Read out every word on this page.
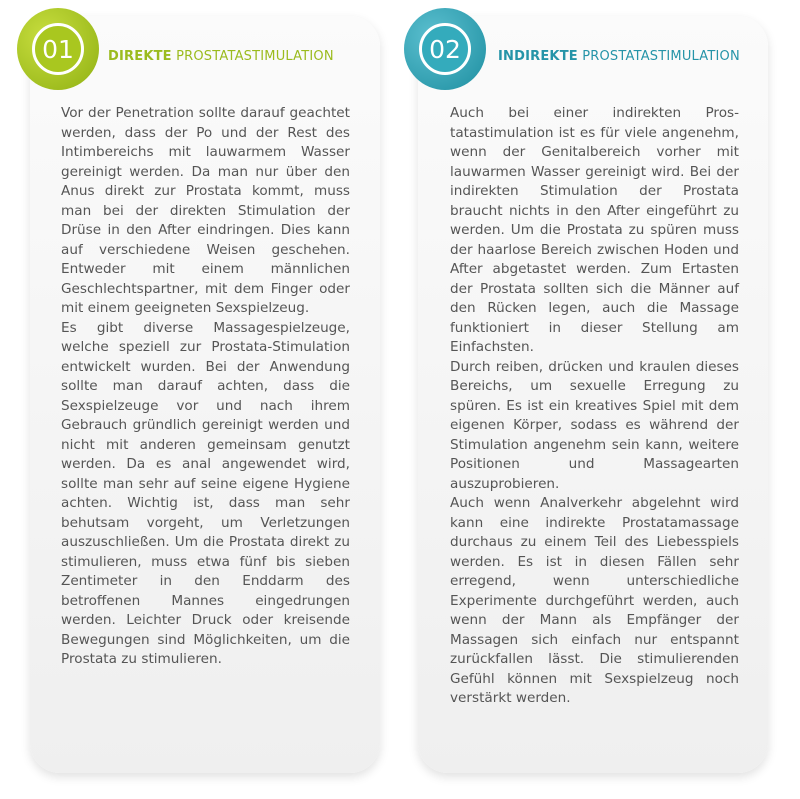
01	02
DIREKTE PROSTATASTIMULATION	INDIREKTE PROSTATASTIMULATION

Vor der Penetration sollte darauf geachtet werden, dass der Po und der Rest des Intimbereichs mit lauwarmem Wasser gereinigt werden. Da man nur über den Anus direkt zur Prostata kommt, muss man bei der direkten Stimulation der Drüse in den After eindringen. Dies kann auf verschiedene Weisen geschehen. Entweder mit einem männlichen Geschlechtspartner, mit dem Finger oder mit einem geeigneten Sexspielzeug.

Es gibt diverse Massagespielzeuge, welche speziell zur Prostata-Stimulation entwickelt wurden. Bei der Anwendung sollte man darauf achten, dass die Sexspielzeuge vor und nach ihrem Gebrauch gründlich gereinigt werden und nicht mit anderen gemeinsam genutzt werden. Da es anal angewendet wird, sollte man sehr auf seine eigene Hygiene achten. Wichtig ist, dass man sehr behutsam vorgeht, um Verletzungen auszuschließen. Um die Prostata direkt zu stimulieren, muss etwa fünf bis sieben Zentimeter in den Enddarm des betroffenen Mannes eingedrungen werden. Leichter Druck oder kreisende Bewegungen sind Möglichkeiten, um die Prostata zu stimulieren.

Auch bei einer indirekten Prostatastimulation ist es für viele angenehm, wenn der Genitalbereich vorher mit lauwarmen Wasser gereinigt wird. Bei der indirekten Stimulation der Prostata braucht nichts in den After eingeführt zu werden. Um die Prostata zu spüren muss der haarlose Bereich zwischen Hoden und After abgetastet werden. Zum Ertasten der Prostata sollten sich die Männer auf den Rücken legen, auch die Massage funktioniert in dieser Stellung am Einfachsten.

Durch reiben, drücken und kraulen dieses Bereichs, um sexuelle Erregung zu spüren. Es ist ein kreatives Spiel mit dem eigenen Körper, sodass es während der Stimulation angenehm sein kann, weitere Positionen und Massagearten auszuprobieren.

Auch wenn Analverkehr abgelehnt wird kann eine indirekte Prostatamassage durchaus zu einem Teil des Liebesspiels werden. Es ist in diesen Fällen sehr erregend, wenn unterschiedliche Experimente durchgeführt werden, auch wenn der Mann als Empfänger der Massagen sich einfach nur entspannt zurückfallen lässt. Die stimulierenden Gefühl können mit Sexspielzeug noch verstärkt werden.
